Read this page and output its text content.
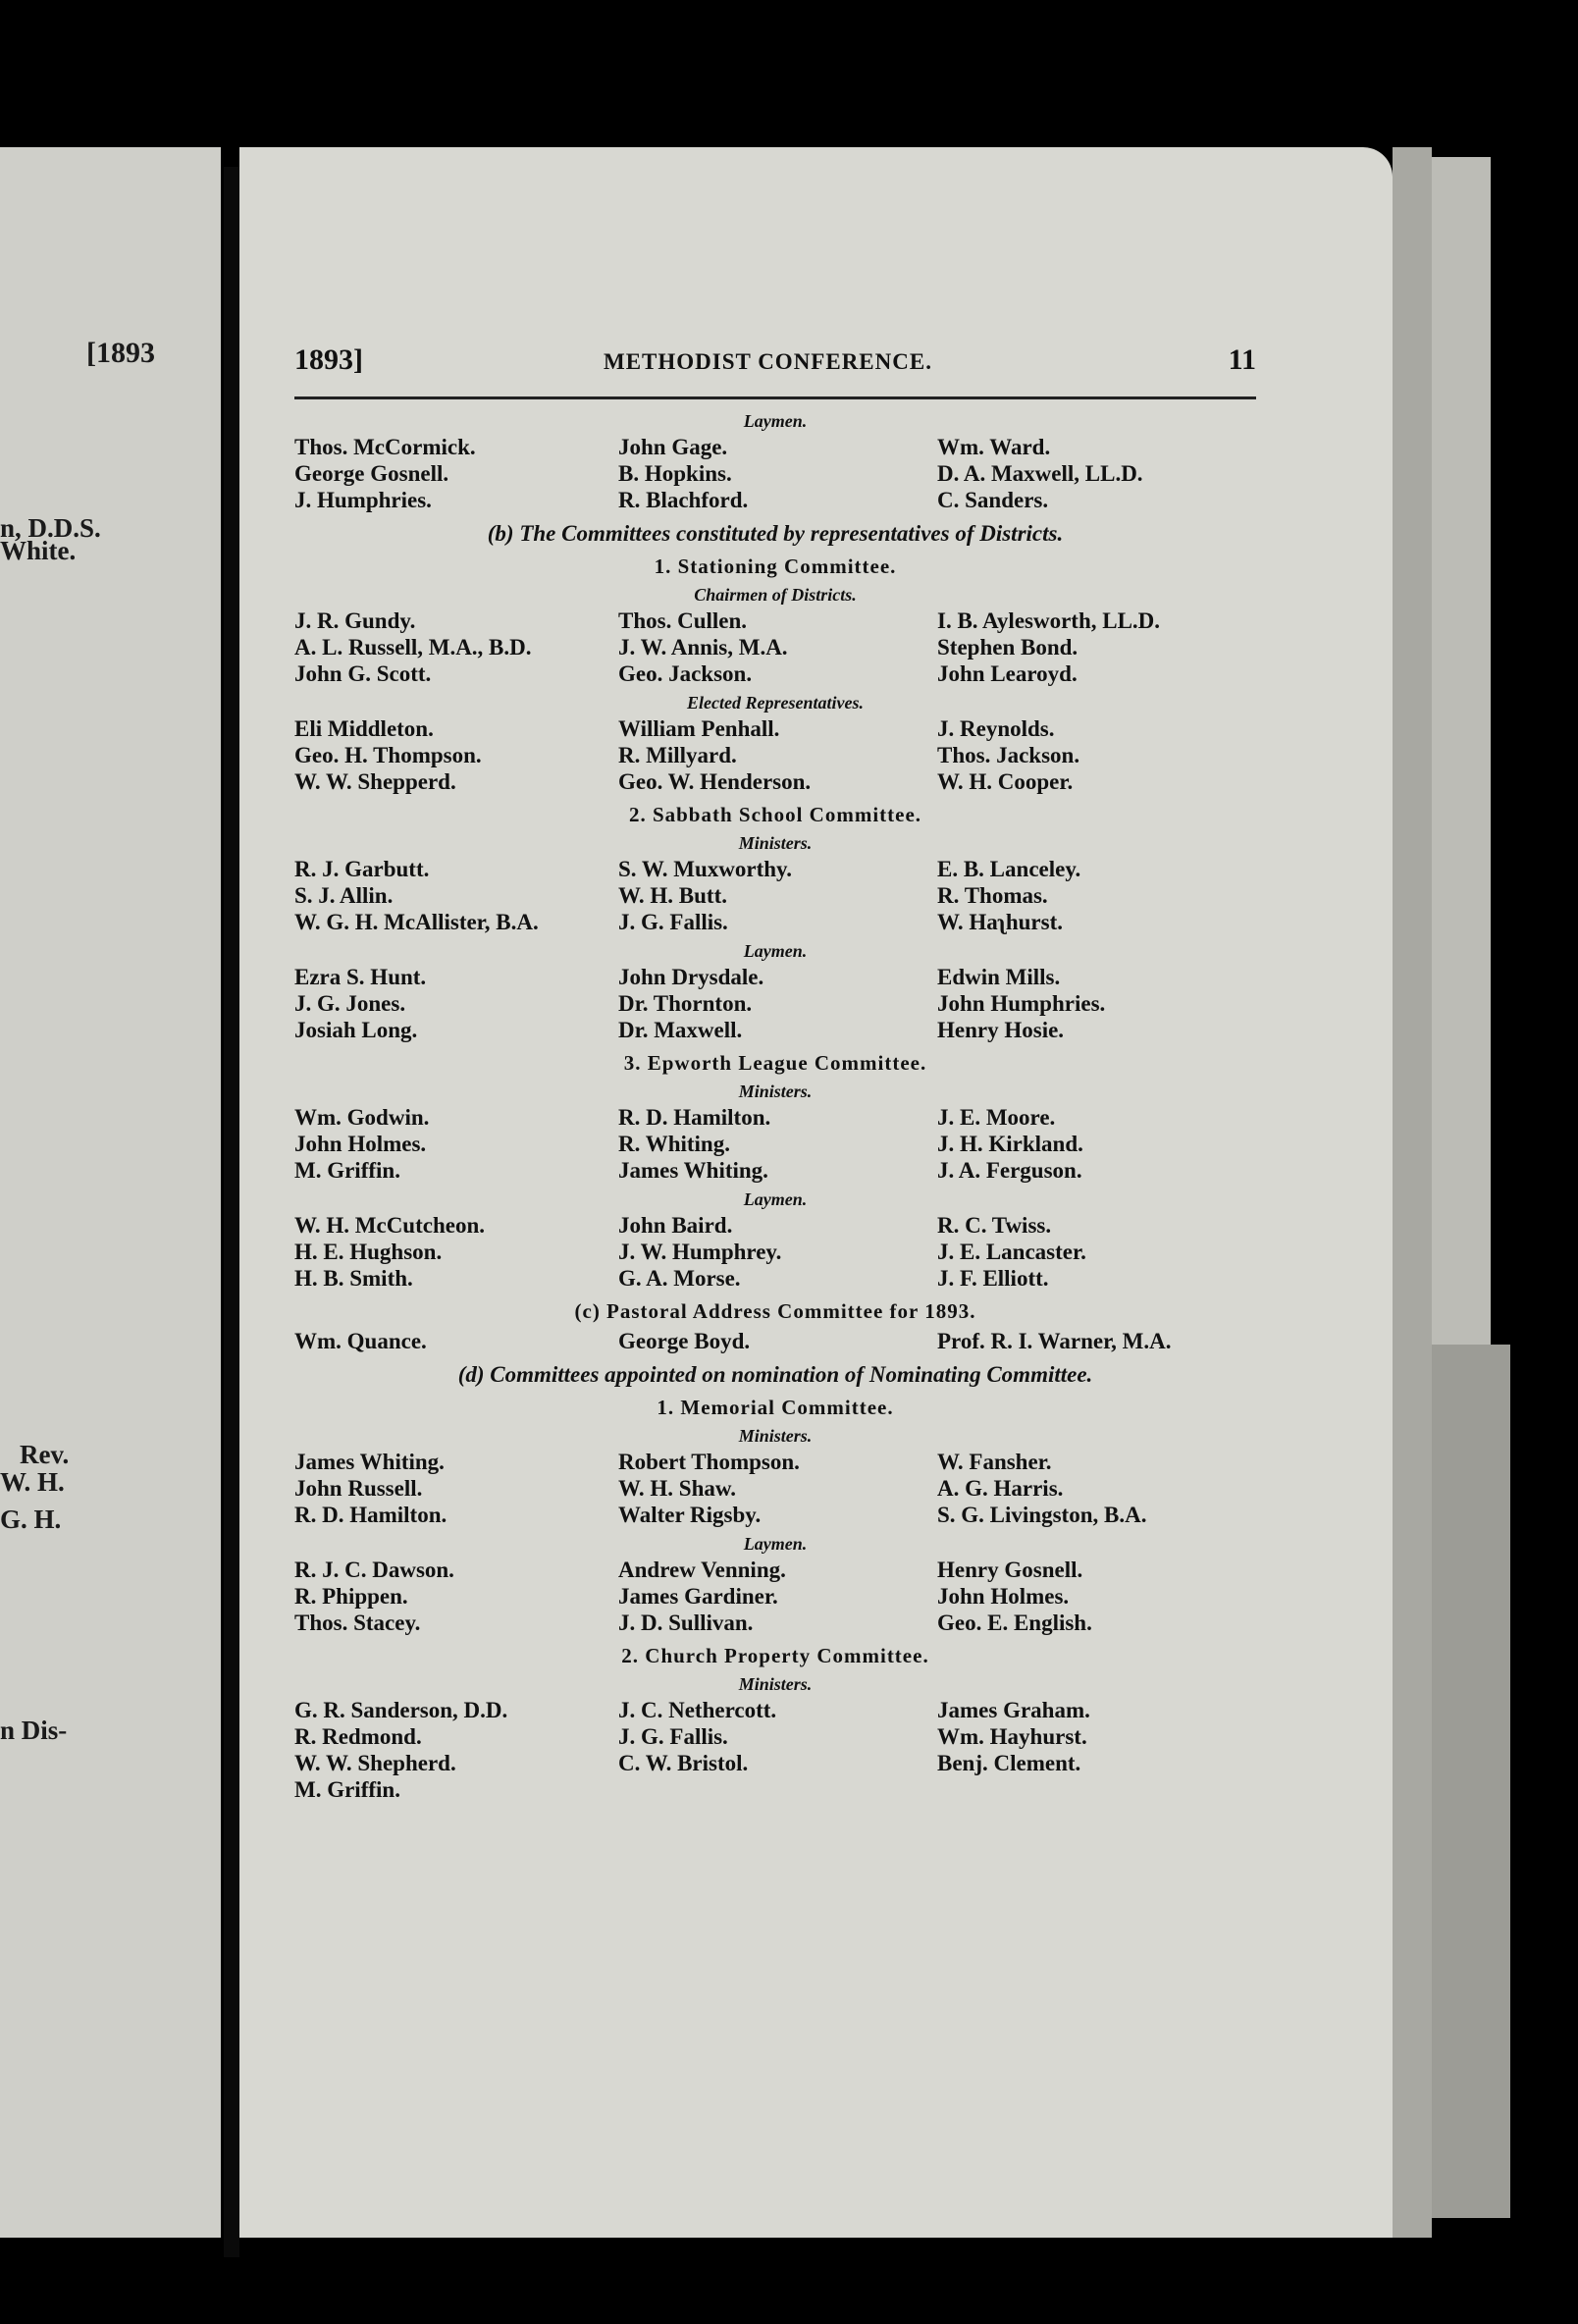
[1893
n, D.D.S.
White.
Rev.
W. H.
G. H.
n Dis-
1893]	METHODIST CONFERENCE.	11
Laymen.
Thos. McCormick.	John Gage.	Wm. Ward.
George Gosnell.	B. Hopkins.	D. A. Maxwell, LL.D.
J. Humphries.	R. Blachford.	C. Sanders.
(b) The Committees constituted by representatives of Districts.
1. Stationing Committee.
Chairmen of Districts.
J. R. Gundy.	Thos. Cullen.	I. B. Aylesworth, LL.D.
A. L. Russell, M.A., B.D.	J. W. Annis, M.A.	Stephen Bond.
John G. Scott.	Geo. Jackson.	John Learoyd.
Elected Representatives.
Eli Middleton.	William Penhall.	J. Reynolds.
Geo. H. Thompson.	R. Millyard.	Thos. Jackson.
W. W. Shepperd.	Geo. W. Henderson.	W. H. Cooper.
2. Sabbath School Committee.
Ministers.
R. J. Garbutt.	S. W. Muxworthy.	E. B. Lanceley.
S. J. Allin.	W. H. Butt.	R. Thomas.
W. G. H. McAllister, B.A.	J. G. Fallis.	W. Haʅhurst.
Laymen.
Ezra S. Hunt.	John Drysdale.	Edwin Mills.
J. G. Jones.	Dr. Thornton.	John Humphries.
Josiah Long.	Dr. Maxwell.	Henry Hosie.
3. Epworth League Committee.
Ministers.
Wm. Godwin.	R. D. Hamilton.	J. E. Moore.
John Holmes.	R. Whiting.	J. H. Kirkland.
M. Griffin.	James Whiting.	J. A. Ferguson.
Laymen.
W. H. McCutcheon.	John Baird.	R. C. Twiss.
H. E. Hughson.	J. W. Humphrey.	J. E. Lancaster.
H. B. Smith.	G. A. Morse.	J. F. Elliott.
(c) Pastoral Address Committee for 1893.
Wm. Quance.	George Boyd.	Prof. R. I. Warner, M.A.
(d) Committees appointed on nomination of Nominating Committee.
1. Memorial Committee.
Ministers.
James Whiting.	Robert Thompson.	W. Fansher.
John Russell.	W. H. Shaw.	A. G. Harris.
R. D. Hamilton.	Walter Rigsby.	S. G. Livingston, B.A.
Laymen.
R. J. C. Dawson.	Andrew Venning.	Henry Gosnell.
R. Phippen.	James Gardiner.	John Holmes.
Thos. Stacey.	J. D. Sullivan.	Geo. E. English.
2. Church Property Committee.
Ministers.
G. R. Sanderson, D.D.	J. C. Nethercott.	James Graham.
R. Redmond.	J. G. Fallis.	Wm. Hayhurst.
W. W. Shepherd.	C. W. Bristol.	Benj. Clement.
M. Griffin.
